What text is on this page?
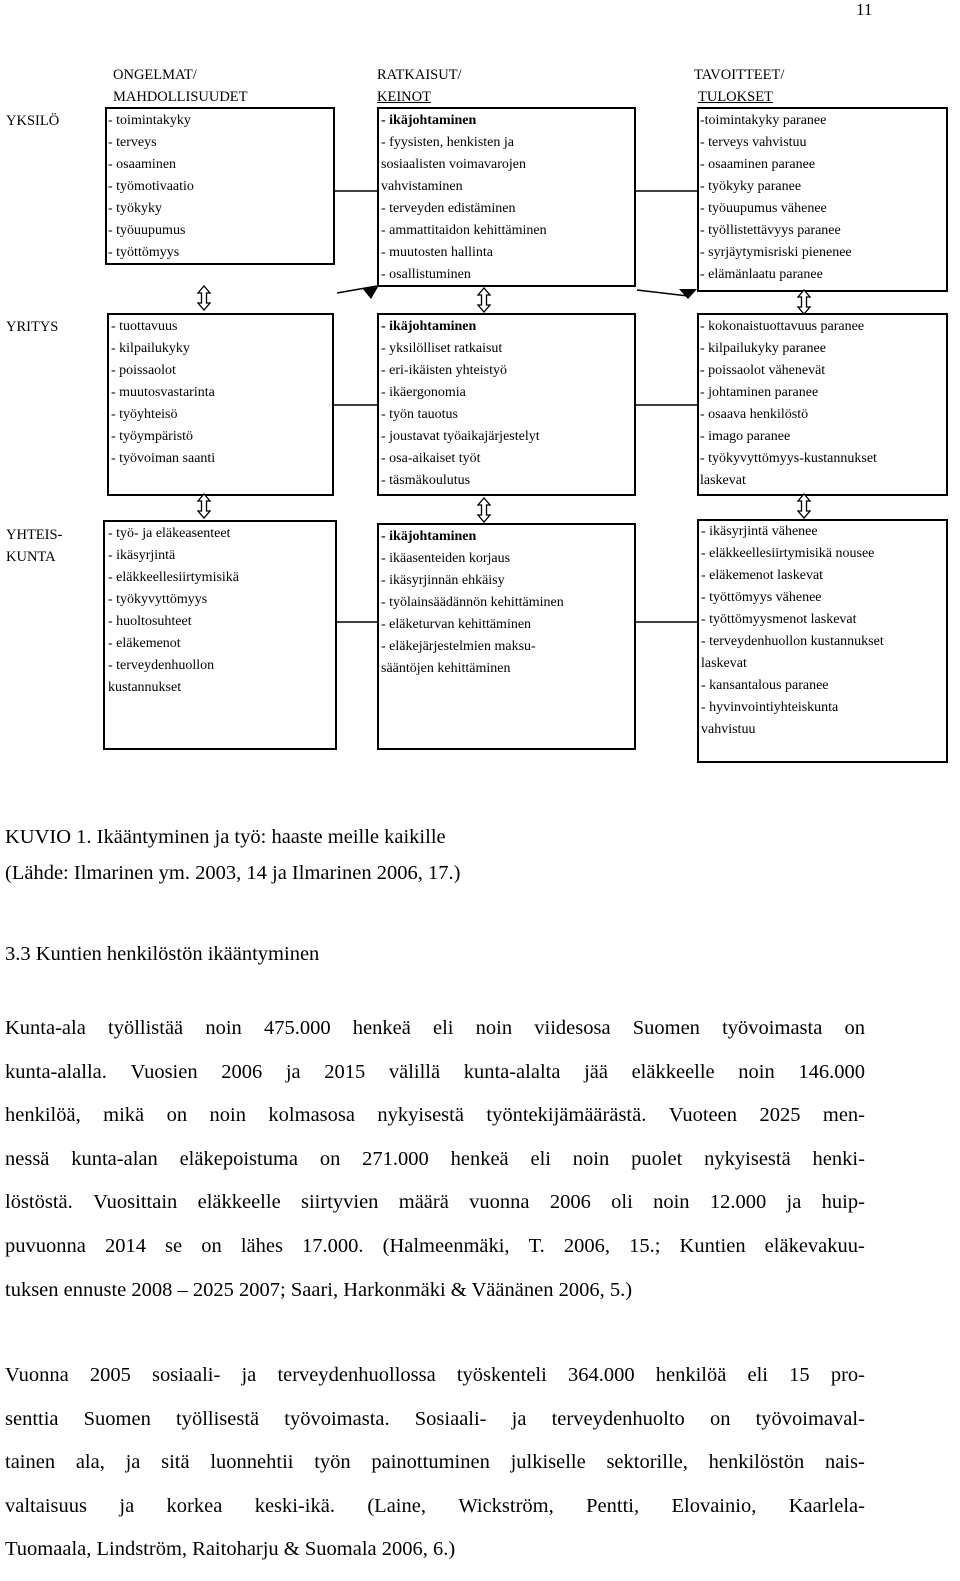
11
ONGELMAT/
MAHDOLLISUUDET
RATKAISUT/
KEINOT
TAVOITTEET/
TULOKSET
YKSILÖ
YRITYS
YHTEIS-
KUNTA
- toimintakyky
- terveys
- osaaminen
- työmotivaatio
- työkyky
- työuupumus
- työttömyys
- ikäjohtaminen
- fyysisten, henkisten ja
sosiaalisten voimavarojen
vahvistaminen
- terveyden edistäminen
- ammattitaidon kehittäminen
- muutosten hallinta
- osallistuminen
-toimintakyky paranee
- terveys vahvistuu
- osaaminen paranee
- työkyky paranee
- työuupumus vähenee
- työllistettävyys paranee
- syrjäytymisriski pienenee
- elämänlaatu paranee
- tuottavuus
- kilpailukyky
- poissaolot
- muutosvastarinta
- työyhteisö
- työympäristö
- työvoiman saanti
- ikäjohtaminen
- yksilölliset ratkaisut
- eri-ikäisten yhteistyö
- ikäergonomia
- työn tauotus
- joustavat työaikajärjestelyt
- osa-aikaiset työt
- täsmäkoulutus
- kokonaistuottavuus paranee
- kilpailukyky paranee
- poissaolot vähenevät
- johtaminen paranee
- osaava henkilöstö
- imago paranee
- työkyvyttömyys-kustannukset
laskevat
- työ- ja eläkeasenteet
- ikäsyrjintä
- eläkkeellesiirtymisikä
- työkyvyttömyys
- huoltosuhteet
- eläkemenot
- terveydenhuollon
kustannukset
- ikäjohtaminen
- ikäasenteiden korjaus
- ikäsyrjinnän ehkäisy
- työlainsäädännön kehittäminen
- eläketurvan kehittäminen
- eläkejärjestelmien maksu-
sääntöjen kehittäminen
- ikäsyrjintä vähenee
- eläkkeellesiirtymisikä nousee
- eläkemenot laskevat
- työttömyys vähenee
- työttömyysmenot laskevat
- terveydenhuollon kustannukset
laskevat
- kansantalous paranee
- hyvinvointiyhteiskunta
vahvistuu
KUVIO 1. Ikääntyminen ja työ: haaste meille kaikille
(Lähde: Ilmarinen ym. 2003, 14 ja Ilmarinen 2006, 17.)
3.3 Kuntien henkilöstön ikääntyminen
Kunta-ala työllistää noin 475.000 henkeä eli noin viidesosa Suomen työvoimasta on
kunta-alalla. Vuosien 2006 ja 2015 välillä kunta-alalta jää eläkkeelle noin 146.000
henkilöä, mikä on noin kolmasosa nykyisestä työntekijämäärästä. Vuoteen 2025 men-
nessä kunta-alan eläkepoistuma on 271.000 henkeä eli noin puolet nykyisestä henki-
löstöstä. Vuosittain eläkkeelle siirtyvien määrä vuonna 2006 oli noin 12.000 ja huip-
puvuonna 2014 se on lähes 17.000. (Halmeenmäki, T. 2006, 15.; Kuntien eläkevakuu-
tuksen ennuste 2008 – 2025 2007; Saari, Harkonmäki & Väänänen 2006, 5.)
Vuonna 2005 sosiaali- ja terveydenhuollossa työskenteli 364.000 henkilöä eli 15 pro-
senttia Suomen työllisestä työvoimasta. Sosiaali- ja terveydenhuolto on työvoimaval-
tainen ala, ja sitä luonnehtii työn painottuminen julkiselle sektorille, henkilöstön nais-
valtaisuus ja korkea keski-ikä. (Laine, Wickström, Pentti, Elovainio, Kaarlela-
Tuomaala, Lindström, Raitoharju & Suomala 2006, 6.)
